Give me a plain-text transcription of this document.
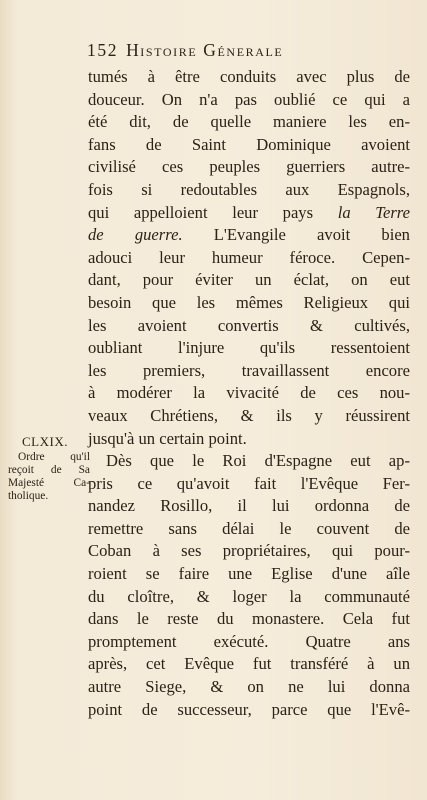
152 Histoire Génerale
CLXIX.
Ordre qu'il
reçoit de Sa
Majesté Ca-
tholique.
tumés à être conduits avec plus de
douceur. On n'a pas oublié ce qui a
été dit, de quelle maniere les en-
fans de Saint Dominique avoient
civilisé ces peuples guerriers autre-
fois si redoutables aux Espagnols,
qui appelloient leur pays la Terre
de guerre. L'Evangile avoit bien
adouci leur humeur féroce. Cepen-
dant, pour éviter un éclat, on eut
besoin que les mêmes Religieux qui
les avoient convertis & cultivés,
oubliant l'injure qu'ils ressentoient
les premiers, travaillassent encore
à modérer la vivacité de ces nou-
veaux Chrétiens, & ils y réussirent
jusqu'à un certain point.
Dès que le Roi d'Espagne eut ap-
pris ce qu'avoit fait l'Evêque Fer-
nandez Rosillo, il lui ordonna de
remettre sans délai le couvent de
Coban à ses propriétaires, qui pour-
roient se faire une Eglise d'une aîle
du cloître, & loger la communauté
dans le reste du monastere. Cela fut
promptement exécuté. Quatre ans
après, cet Evêque fut transféré à un
autre Siege, & on ne lui donna
point de successeur, parce que l'Evê-
